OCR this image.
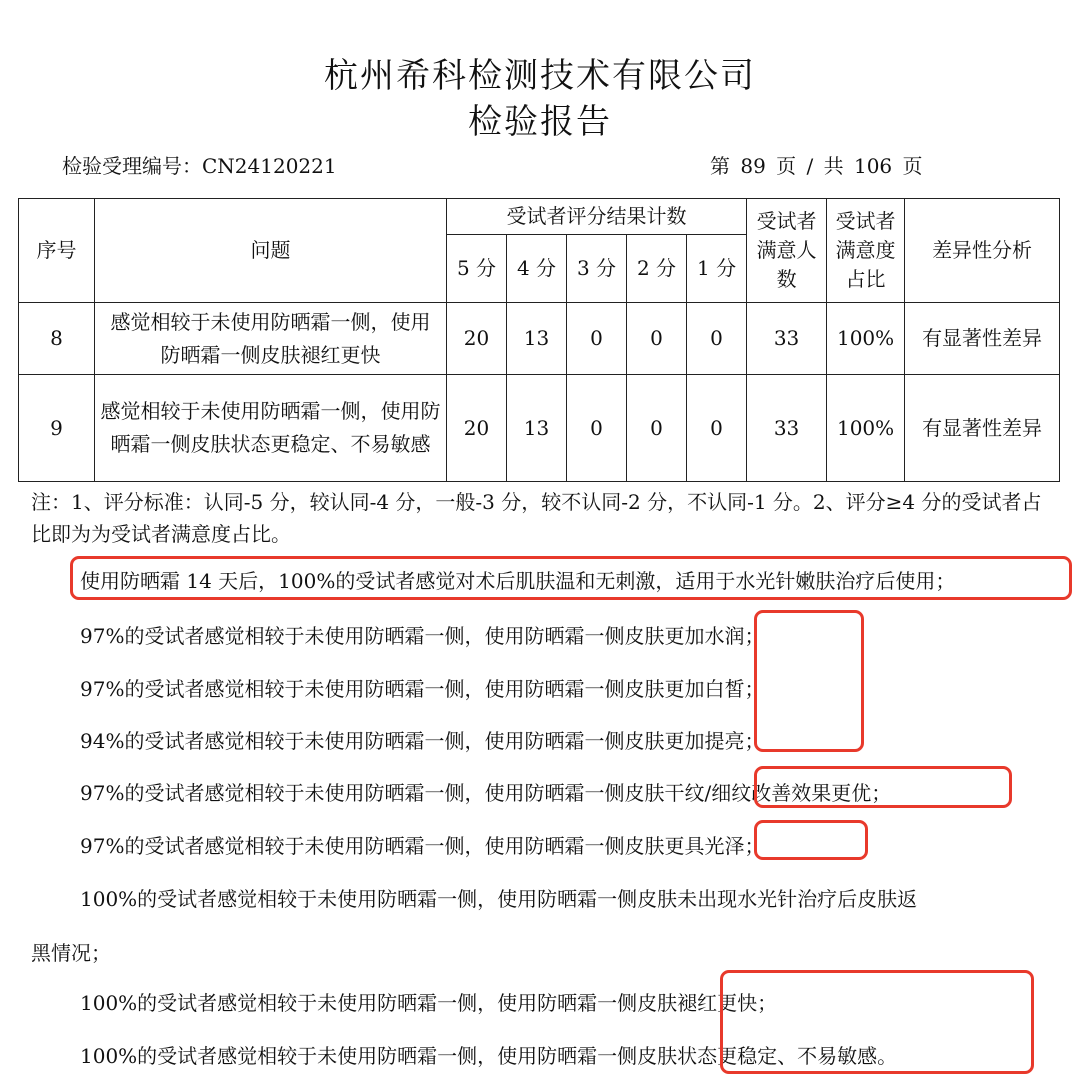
杭州希科检测技术有限公司
检验报告
检验受理编号：CN24120221	第 89 页 / 共 106 页
序号	问题	受试者评分结果计数					受试者满意人数	受试者满意度占比	差异性分析
		5 分	4 分	3 分	2 分	1 分			
8	感觉相较于未使用防晒霜一侧，使用防晒霜一侧皮肤褪红更快	20	13	0	0	0	33	100%	有显著性差异
9	感觉相较于未使用防晒霜一侧，使用防晒霜一侧皮肤状态更稳定、不易敏感	20	13	0	0	0	33	100%	有显著性差异
注：1、评分标准：认同-5 分，较认同-4 分，一般-3 分，较不认同-2 分，不认同-1 分。2、评分≥4 分的受试者占比即为为受试者满意度占比。
使用防晒霜 14 天后，100%的受试者感觉对术后肌肤温和无刺激，适用于水光针嫩肤治疗后使用；
97%的受试者感觉相较于未使用防晒霜一侧，使用防晒霜一侧皮肤更加水润；
97%的受试者感觉相较于未使用防晒霜一侧，使用防晒霜一侧皮肤更加白皙；
94%的受试者感觉相较于未使用防晒霜一侧，使用防晒霜一侧皮肤更加提亮；
97%的受试者感觉相较于未使用防晒霜一侧，使用防晒霜一侧皮肤干纹/细纹改善效果更优；
97%的受试者感觉相较于未使用防晒霜一侧，使用防晒霜一侧皮肤更具光泽；
100%的受试者感觉相较于未使用防晒霜一侧，使用防晒霜一侧皮肤未出现水光针治疗后皮肤返
黑情况；
100%的受试者感觉相较于未使用防晒霜一侧，使用防晒霜一侧皮肤褪红更快；
100%的受试者感觉相较于未使用防晒霜一侧，使用防晒霜一侧皮肤状态更稳定、不易敏感。
